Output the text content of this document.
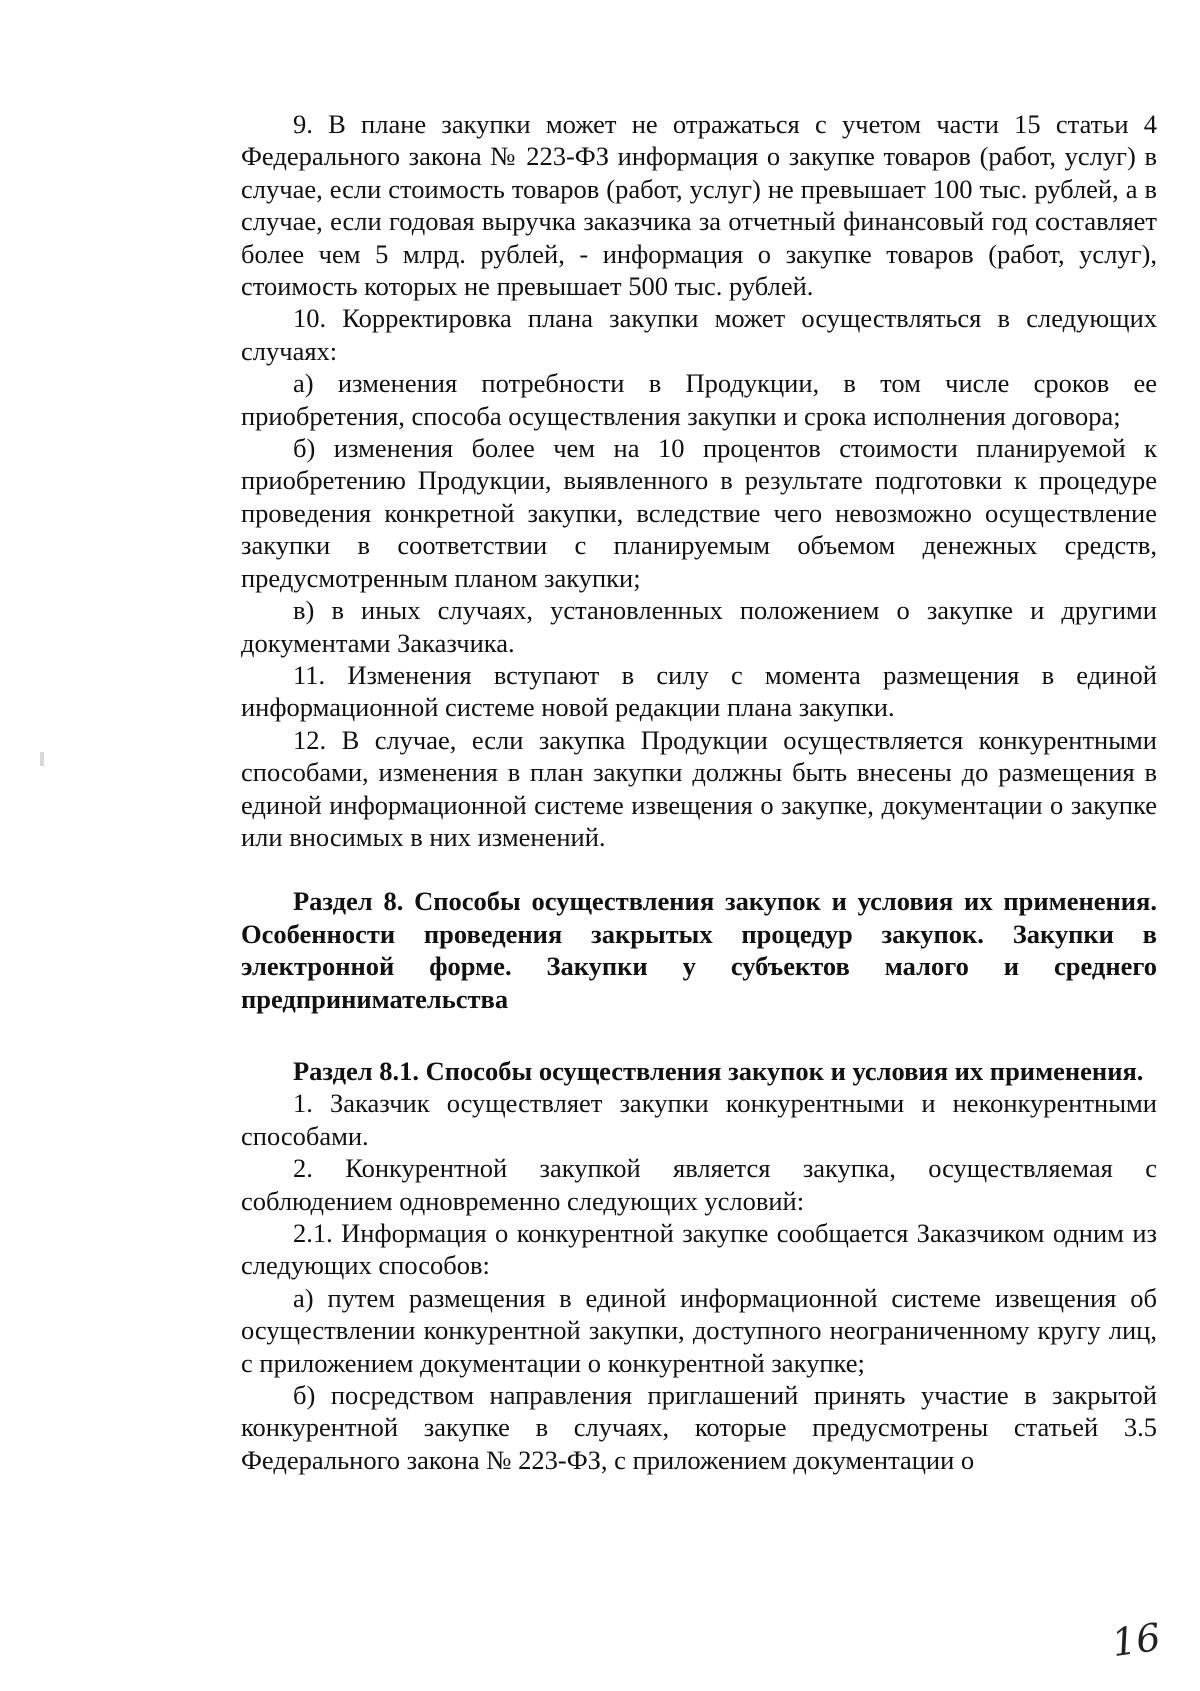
9. В плане закупки может не отражаться с учетом части 15 статьи 4 Федерального закона № 223-ФЗ информация о закупке товаров (работ, услуг) в случае, если стоимость товаров (работ, услуг) не превышает 100 тыс. рублей, а в случае, если годовая выручка заказчика за отчетный финансовый год составляет более чем 5 млрд. рублей, - информация о закупке товаров (работ, услуг), стоимость которых не превышает 500 тыс. рублей.

10. Корректировка плана закупки может осуществляться в следующих случаях:

а) изменения потребности в Продукции, в том числе сроков ее приобретения, способа осуществления закупки и срока исполнения договора;

б) изменения более чем на 10 процентов стоимости планируемой к приобретению Продукции, выявленного в результате подготовки к процедуре проведения конкретной закупки, вследствие чего невозможно осуществление закупки в соответствии с планируемым объемом денежных средств, предусмотренным планом закупки;

в) в иных случаях, установленных положением о закупке и другими документами Заказчика.

11. Изменения вступают в силу с момента размещения в единой информационной системе новой редакции плана закупки.

12. В случае, если закупка Продукции осуществляется конкурентными способами, изменения в план закупки должны быть внесены до размещения в единой информационной системе извещения о закупке, документации о закупке или вносимых в них изменений.

Раздел 8. Способы осуществления закупок и условия их применения. Особенности проведения закрытых процедур закупок. Закупки в электронной форме. Закупки у субъектов малого и среднего предпринимательства

Раздел 8.1. Способы осуществления закупок и условия их применения.

1. Заказчик осуществляет закупки конкурентными и неконкурентными способами.

2. Конкурентной закупкой является закупка, осуществляемая с соблюдением одновременно следующих условий:

2.1. Информация о конкурентной закупке сообщается Заказчиком одним из следующих способов:

а) путем размещения в единой информационной системе извещения об осуществлении конкурентной закупки, доступного неограниченному кругу лиц, с приложением документации о конкурентной закупке;

б) посредством направления приглашений принять участие в закрытой конкурентной закупке в случаях, которые предусмотрены статьей 3.5 Федерального закона № 223-ФЗ, с приложением документации о

16
